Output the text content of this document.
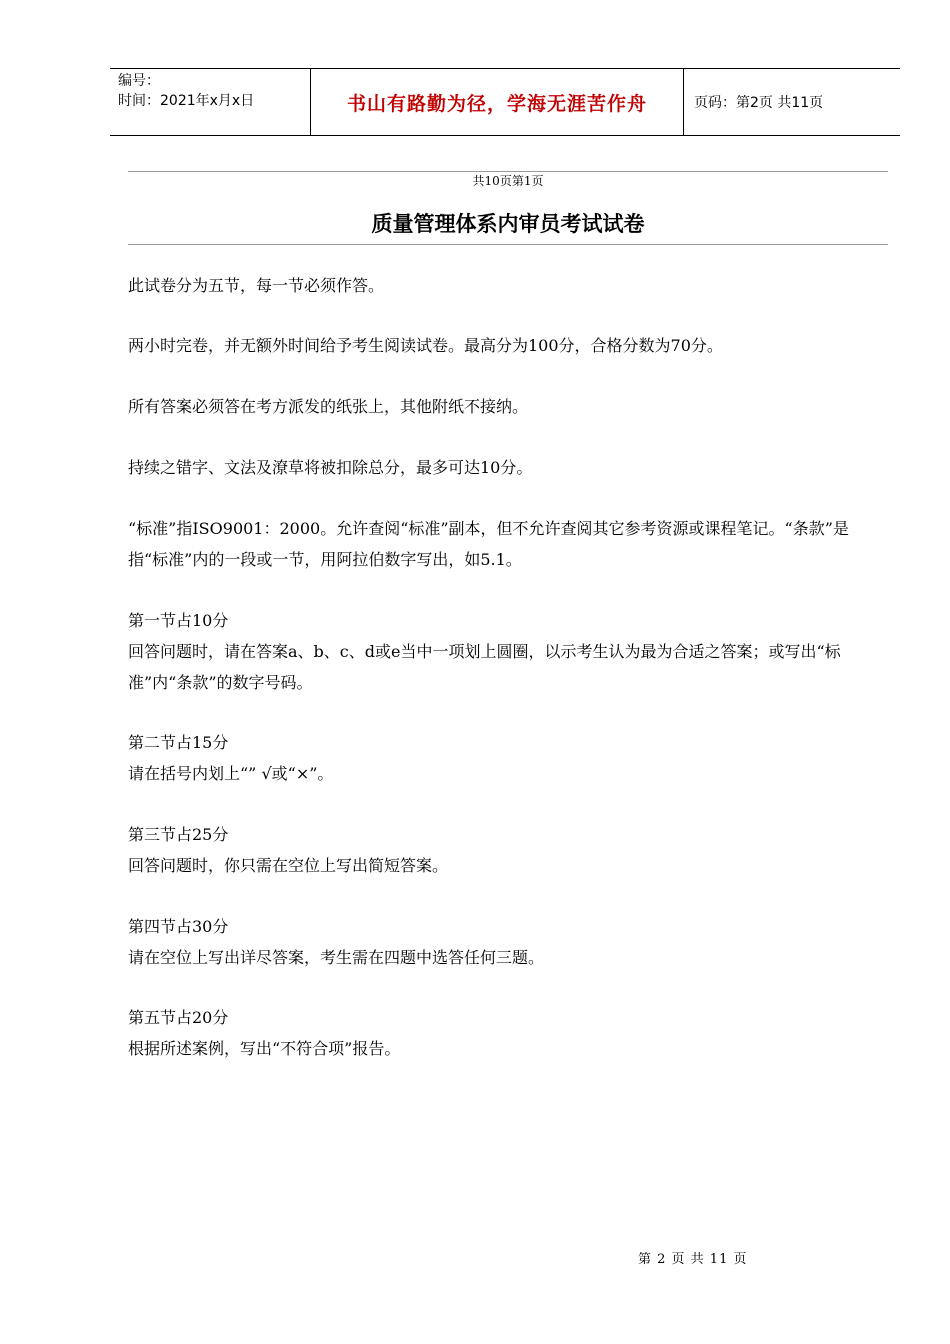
编号：
时间：2021年x月x日	书山有路勤为径，学海无涯苦作舟	页码：第2页 共11页
共10页第1页
质量管理体系内审员考试试卷
此试卷分为五节，每一节必须作答。
两小时完卷，并无额外时间给予考生阅读试卷。最高分为100分，合格分数为70分。
所有答案必须答在考方派发的纸张上，其他附纸不接纳。
持续之错字、文法及潦草将被扣除总分，最多可达10分。
“标准”指ISO9001：2000。允许查阅“标准”副本，但不允许查阅其它参考资源或课程笔记。“条款”是指“标准”内的一段或一节，用阿拉伯数字写出，如5.1。
第一节占10分
回答问题时，请在答案a、b、c、d或e当中一项划上圆圈，以示考生认为最为合适之答案；或写出“标准”内“条款”的数字号码。
第二节占15分
请在括号内划上“” √或“×”。
第三节占25分
回答问题时，你只需在空位上写出简短答案。
第四节占30分
请在空位上写出详尽答案，考生需在四题中选答任何三题。
第五节占20分
根据所述案例，写出“不符合项”报告。
第 2 页 共 11 页
